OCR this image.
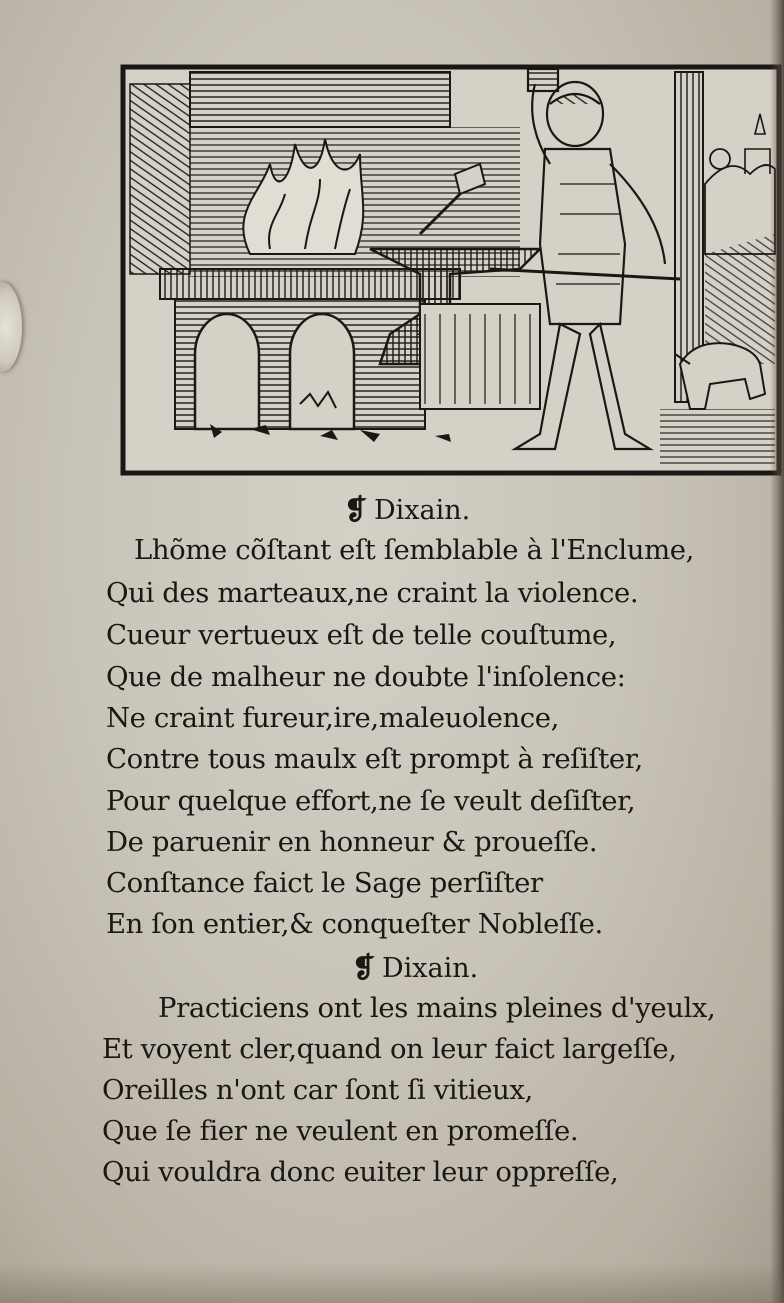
❡ Dixain.
Lhõme cõſtant eſt ſemblable à l'Enclume,
Qui des marteaux,ne craint la violence.
Cueur vertueux eſt de telle couſtume,
Que de malheur ne doubte l'inſolence:
Ne craint fureur,ire,maleuolence,
Contre tous maulx eſt prompt à reſiſter,
Pour quelque effort,ne ſe veult deſiſter,
De paruenir en honneur & proueſſe.
Conſtance faict le Sage perſiſter
En ſon entier,& conqueſter Nobleſſe.
❡ Dixain.
Practiciens ont les mains pleines d'yeulx,
Et voyent cler,quand on leur faict largeſſe,
Oreilles n'ont car ſont ſi vitieux,
Que ſe fier ne veulent en promeſſe.
Qui vouldra donc euiter leur oppreſſe,
